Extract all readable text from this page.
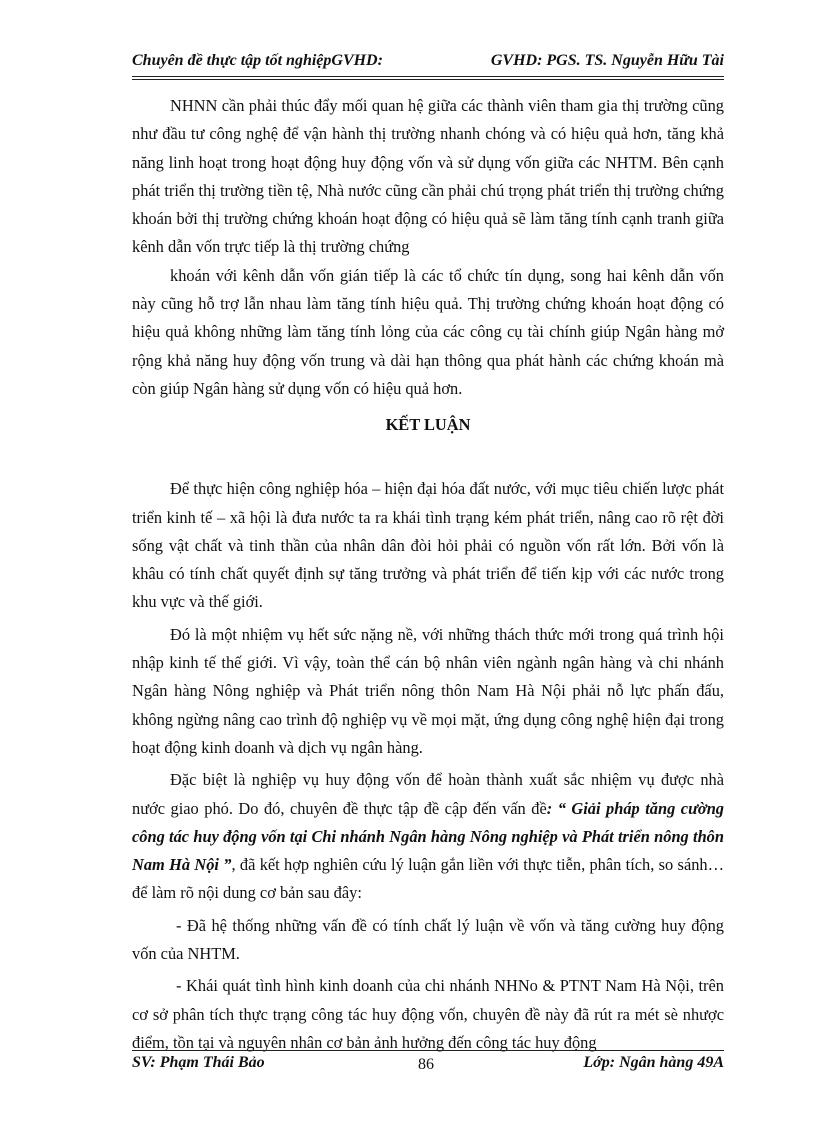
Chuyên đề thực tập tốt nghiệpGVHD:	GVHD: PGS. TS. Nguyễn Hữu Tài

NHNN cần phải thúc đẩy mối quan hệ giữa các thành viên tham gia thị trường cũng như đầu tư công nghệ để vận hành thị trường nhanh chóng và có hiệu quả hơn, tăng khả năng linh hoạt trong hoạt động huy động vốn và sử dụng vốn giữa các NHTM. Bên cạnh phát triển thị trường tiền tệ, Nhà nước cũng cần phải chú trọng phát triển thị trường chứng khoán bởi thị trường chứng khoán hoạt động có hiệu quả sẽ làm tăng tính cạnh tranh giữa kênh dẫn vốn trực tiếp là thị trường chứng

khoán với kênh dẫn vốn gián tiếp là các tổ chức tín dụng, song hai kênh dẫn vốn này cũng hỗ trợ lẫn nhau làm tăng tính hiệu quả. Thị trường chứng khoán hoạt động có hiệu quả không những làm tăng tính lỏng của các công cụ tài chính giúp Ngân hàng mở rộng khả năng huy động vốn trung và dài hạn thông qua phát hành các chứng khoán mà còn giúp Ngân hàng sử dụng vốn có hiệu quả hơn.

KẾT LUẬN

Để thực hiện công nghiệp hóa – hiện đại hóa đất nước, với mục tiêu chiến lược phát triển kinh tế – xã hội là đưa nước ta ra khái tình trạng kém phát triển, nâng cao rõ rệt đời sống vật chất và tinh thần của nhân dân đòi hỏi phải có nguồn vốn rất lớn. Bởi vốn là khâu có tính chất quyết định sự tăng trưởng và phát triển để tiến kịp với các nước trong khu vực và thế giới.

Đó là một nhiệm vụ hết sức nặng nề, với những thách thức mới trong quá trình hội nhập kinh tế thế giới. Vì vậy, toàn thể cán bộ nhân viên ngành ngân hàng và chi nhánh Ngân hàng Nông nghiệp và Phát triển nông thôn Nam Hà Nội phải nỗ lực phấn đấu, không ngừng nâng cao trình độ nghiệp vụ về mọi mặt, ứng dụng công nghệ hiện đại trong hoạt động kinh doanh và dịch vụ ngân hàng.

Đặc biệt là nghiệp vụ huy động vốn để hoàn thành xuất sắc nhiệm vụ được nhà nước giao phó. Do đó, chuyên đề thực tập đề cập đến vấn đề: “ Giải pháp tăng cường công tác huy động vốn tại Chi nhánh Ngân hàng Nông nghiệp và Phát triển nông thôn Nam Hà Nội ”, đã kết hợp nghiên cứu lý luận gắn liền với thực tiễn, phân tích, so sánh… để làm rõ nội dung cơ bản sau đây:

- Đã hệ thống những vấn đề có tính chất lý luận về vốn và tăng cường huy động vốn của NHTM.

- Khái quát tình hình kinh doanh của chi nhánh NHNo & PTNT Nam Hà Nội, trên cơ sở phân tích thực trạng công tác huy động vốn, chuyên đề này đã rút ra mét sè nhược điểm, tồn tại và nguyên nhân cơ bản ảnh hưởng đến công tác huy động

SV: Phạm Thái Bảo	86	Lớp: Ngân hàng 49A
